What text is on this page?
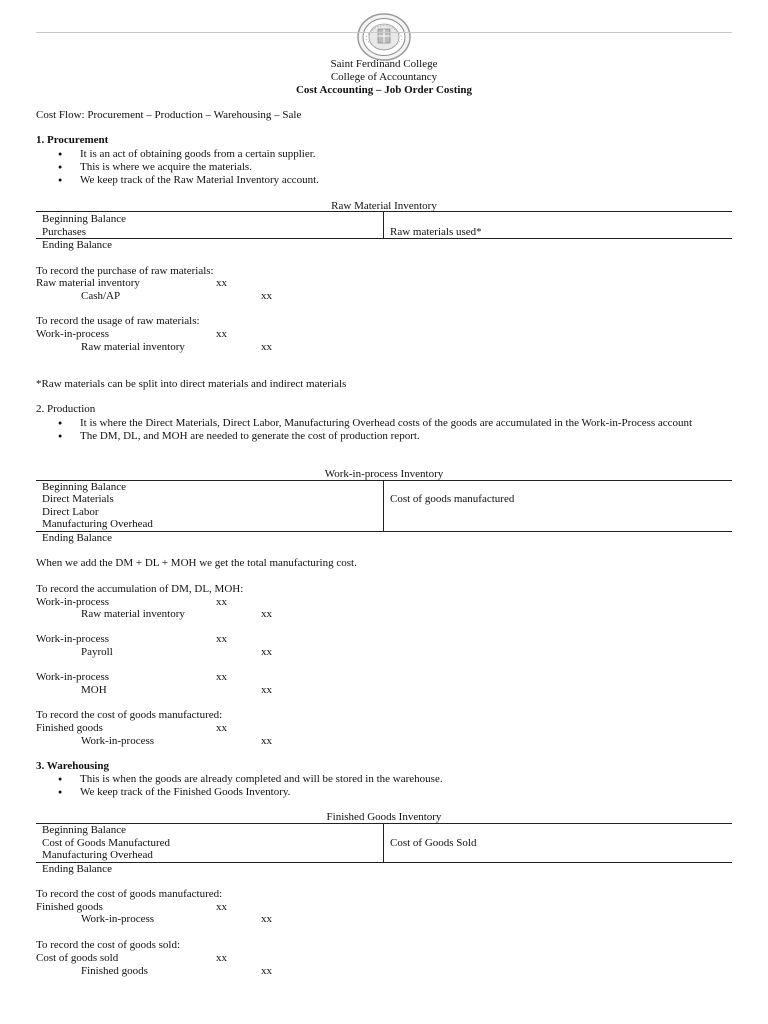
Saint Ferdinand College
College of Accountancy
Cost Accounting – Job Order Costing
Cost Flow: Procurement – Production – Warehousing – Sale
1. Procurement
● It is an act of obtaining goods from a certain supplier.
● This is where we acquire the materials.
● We keep track of the Raw Material Inventory account.
Raw Material Inventory
Beginning Balance
Purchases	Raw materials used*
Ending Balance
To record the purchase of raw materials:
Raw material inventory	xx
Cash/AP	xx
To record the usage of raw materials:
Work-in-process	xx
Raw material inventory	xx
*Raw materials can be split into direct materials and indirect materials
2. Production
● It is where the Direct Materials, Direct Labor, Manufacturing Overhead costs of the goods are accumulated in the Work-in-Process account
● The DM, DL, and MOH are needed to generate the cost of production report.
Work-in-process Inventory
Beginning Balance
Direct Materials	Cost of goods manufactured
Direct Labor
Manufacturing Overhead
Ending Balance
When we add the DM + DL + MOH we get the total manufacturing cost.
To record the accumulation of DM, DL, MOH:
Work-in-process	xx
Raw material inventory	xx
Work-in-process	xx
Payroll	xx
Work-in-process	xx
MOH	xx
To record the cost of goods manufactured:
Finished goods	xx
Work-in-process	xx
3. Warehousing
● This is when the goods are already completed and will be stored in the warehouse.
● We keep track of the Finished Goods Inventory.
Finished Goods Inventory
Beginning Balance
Cost of Goods Manufactured	Cost of Goods Sold
Manufacturing Overhead
Ending Balance
To record the cost of goods manufactured:
Finished goods	xx
Work-in-process	xx
To record the cost of goods sold:
Cost of goods sold	xx
Finished goods	xx
